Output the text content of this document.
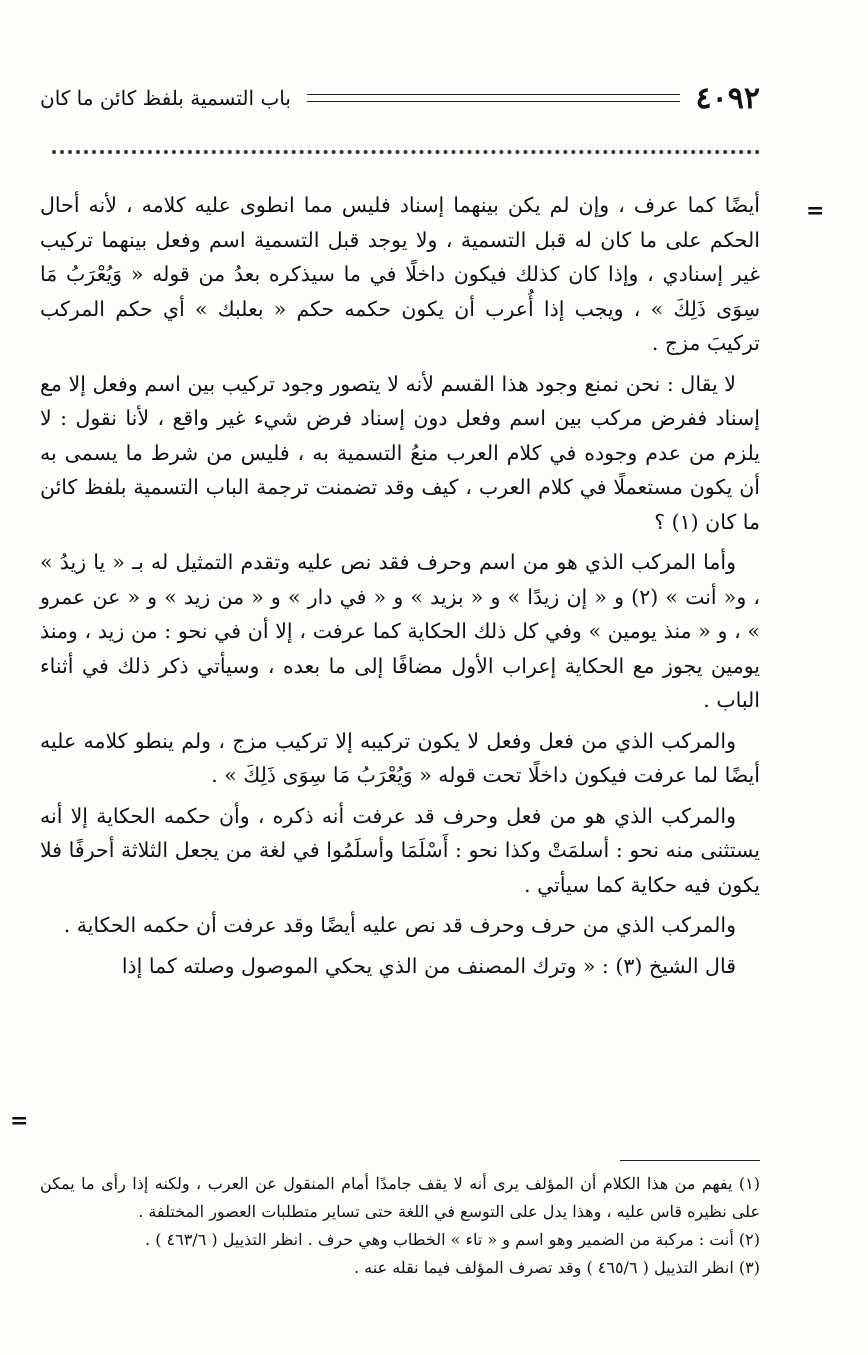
٤٠٩٢
باب التسمية بلفظ كائن ما كان
=

أيضًا كما عرف ، وإن لم يكن بينهما إسناد فليس مما انطوى عليه كلامه ، لأنه أحال الحكم على ما كان له قبل التسمية ، ولا يوجد قبل التسمية اسم وفعل بينهما تركيب غير إسنادي ، وإذا كان كذلك فيكون داخلًا في ما سيذكره بعدُ من قوله « وَيُعْرَبُ مَا سِوَى ذَلِكَ » ، ويجب إذا أُعرب أن يكون حكمه حكم « بعلبك » أي حكم المركب تركيبَ مزج .

لا يقال : نحن نمنع وجود هذا القسم لأنه لا يتصور وجود تركيب بين اسم وفعل إلا مع إسناد ففرض مركب بين اسم وفعل دون إسناد فرض شيء غير واقع ، لأنا نقول : لا يلزم من عدم وجوده في كلام العرب منعُ التسمية به ، فليس من شرط ما يسمى به أن يكون مستعملًا في كلام العرب ، كيف وقد تضمنت ترجمة الباب التسمية بلفظ كائن ما كان (١) ؟

وأما المركب الذي هو من اسم وحرف فقد نص عليه وتقدم التمثيل له بـ « يا زيدُ » ، و« أنت » (٢) و « إن زيدًا » و « بزيد » و « في دار » و « من زيد » و « عن عمرو » ، و « منذ يومين » وفي كل ذلك الحكاية كما عرفت ، إلا أن في نحو : من زيد ، ومنذ يومين يجوز مع الحكاية إعراب الأول مضافًا إلى ما بعده ، وسيأتي ذكر ذلك في أثناء الباب .

والمركب الذي من فعل وفعل لا يكون تركيبه إلا تركيب مزج ، ولم ينطو كلامه عليه أيضًا لما عرفت فيكون داخلًا تحت قوله « وَيُعْرَبُ مَا سِوَى ذَلِكَ » .

والمركب الذي هو من فعل وحرف قد عرفت أنه ذكره ، وأن حكمه الحكاية إلا أنه يستثنى منه نحو : أسلمَتْ وكذا نحو : أَسْلَمَا وأسلَمُوا في لغة من يجعل الثلاثة أحرفًا فلا يكون فيه حكاية كما سيأتي .

والمركب الذي من حرف وحرف قد نص عليه أيضًا وقد عرفت أن حكمه الحكاية .

قال الشيخ (٣) : « وترك المصنف من الذي يحكي الموصول وصلته كما إذا

=

(١) يفهم من هذا الكلام أن المؤلف يرى أنه لا يقف جامدًا أمام المنقول عن العرب ، ولكنه إذا رأى ما يمكن على نظيره قاس عليه ، وهذا يدل على التوسع في اللغة حتى تساير متطلبات العصور المختلفة .

(٢) أنت : مركبة من الضمير وهو اسم و « تاء » الخطاب وهي حرف . انظر التذييل ( ٤٦٣/٦ ) .

(٣) انظر التذييل ( ٤٦٥/٦ ) وقد تصرف المؤلف فيما نقله عنه .
